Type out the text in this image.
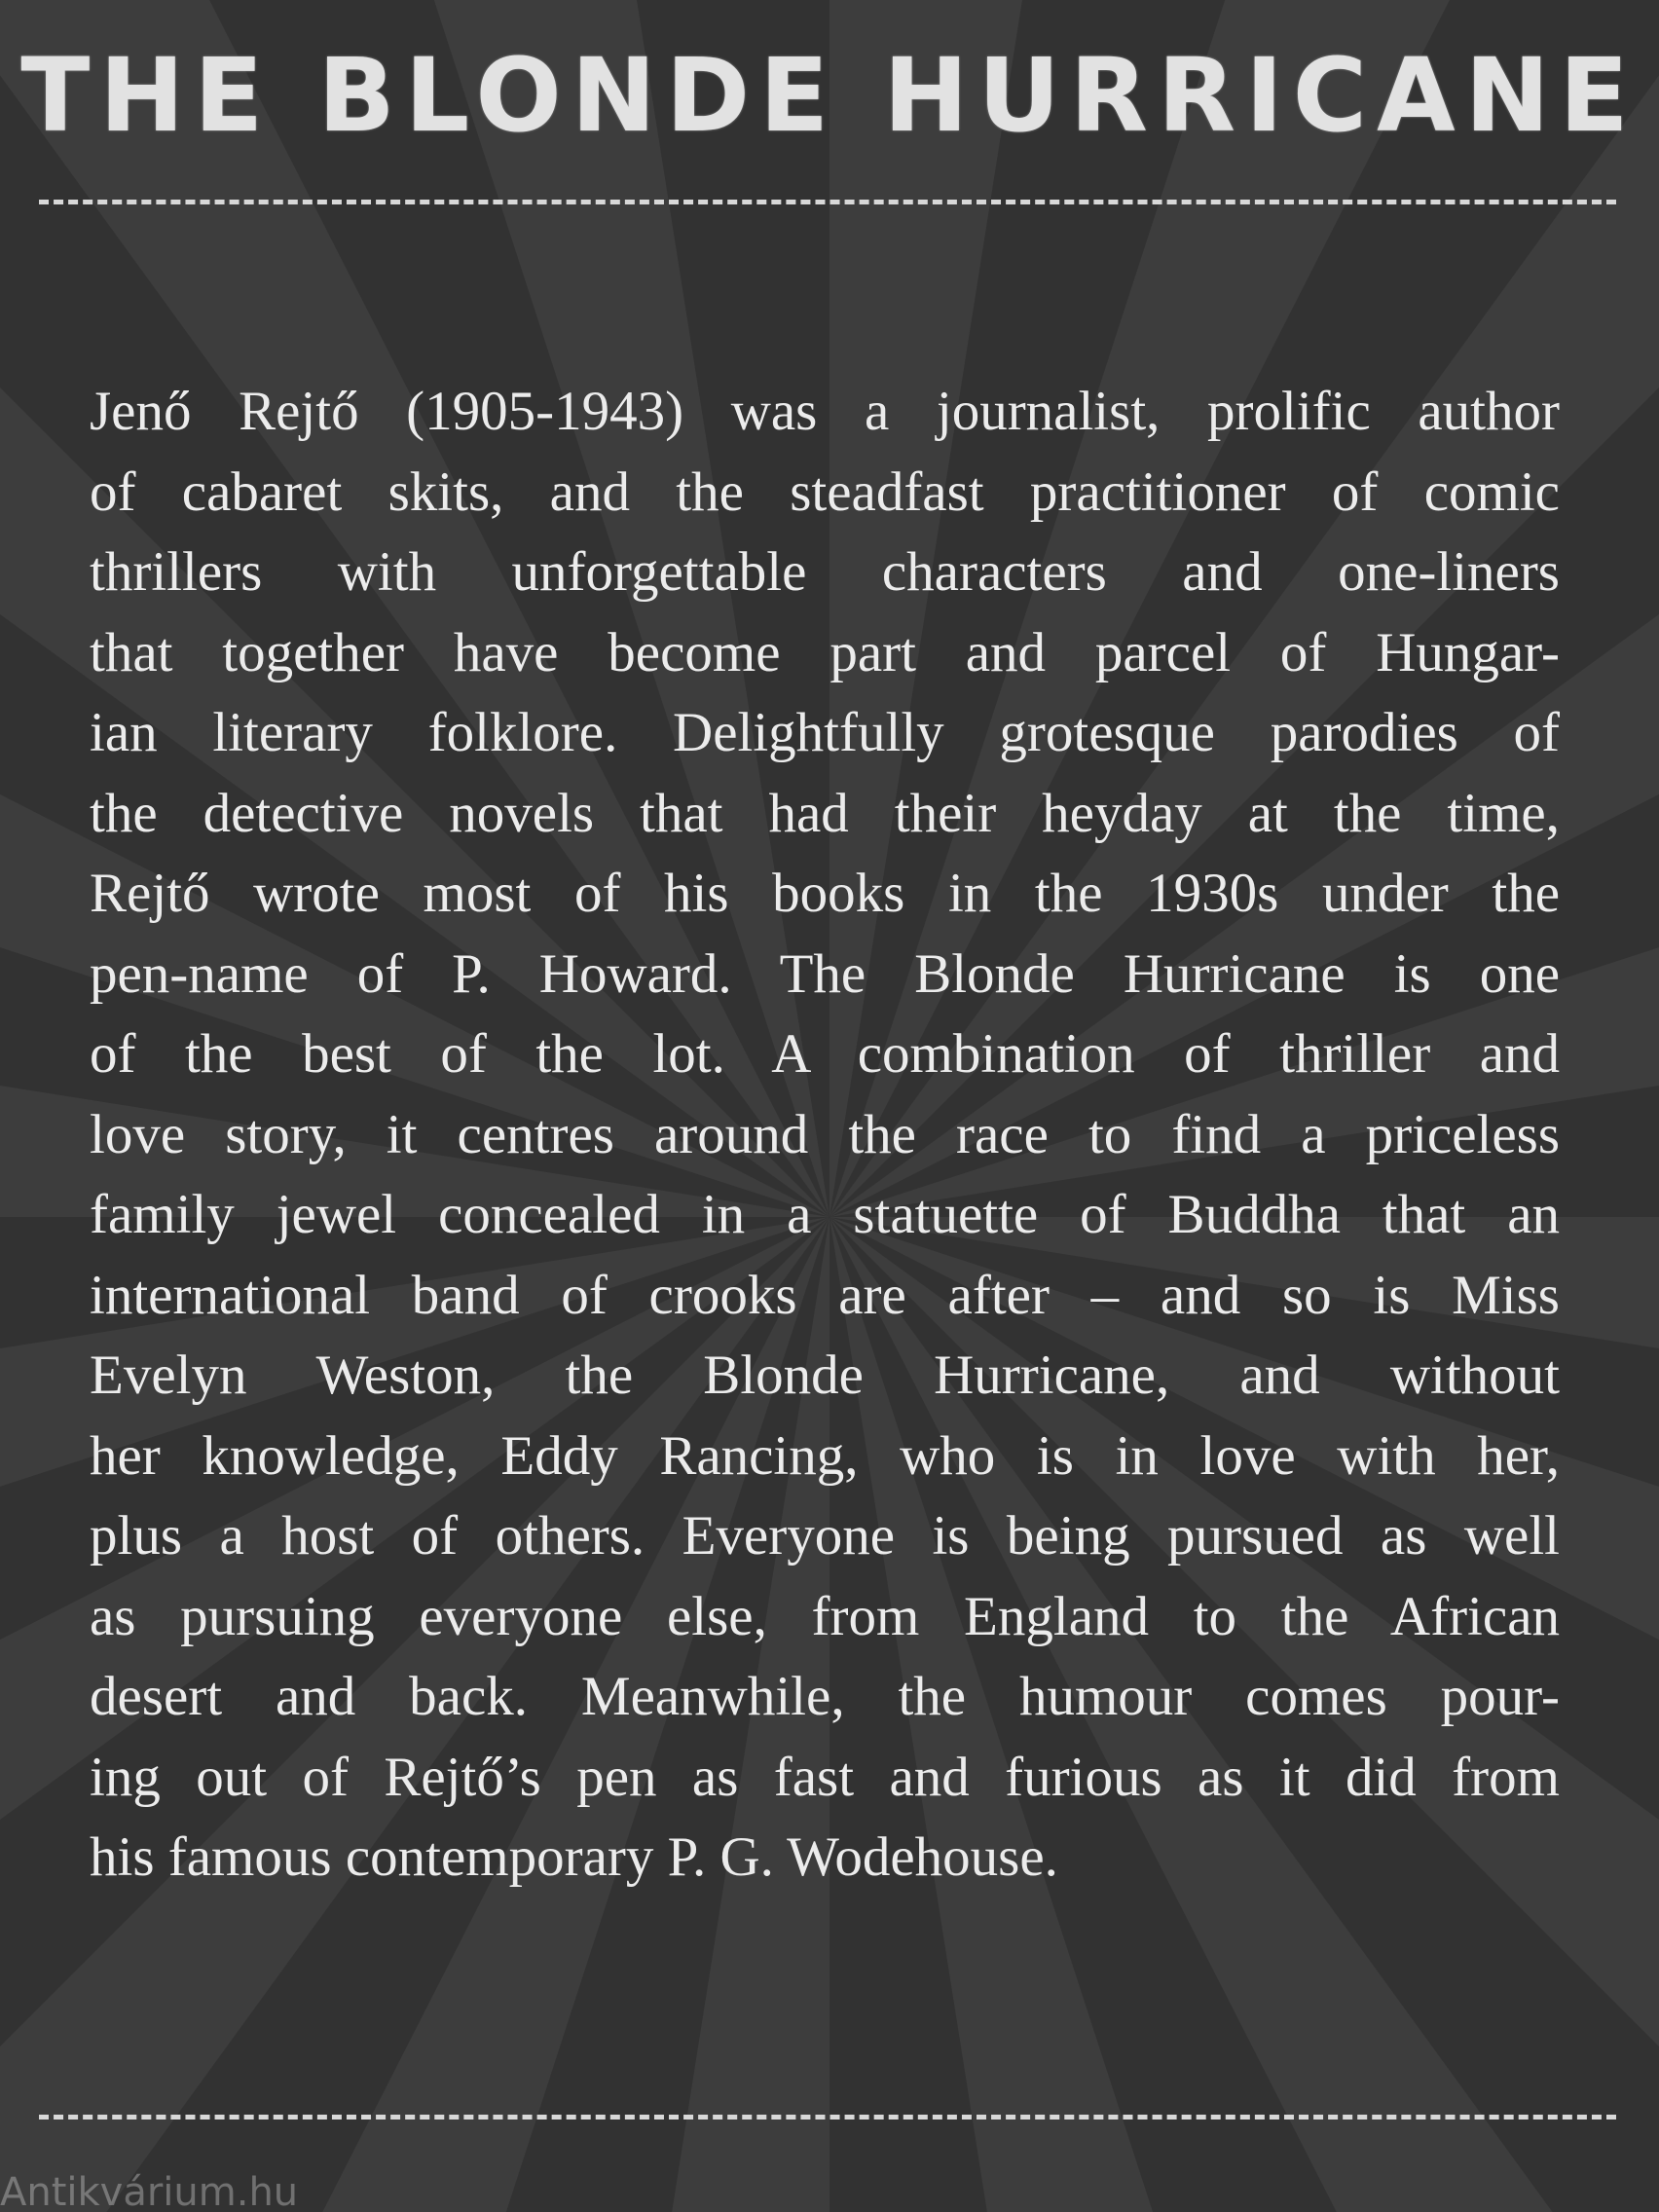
THE BLONDE HURRICANE
Jenő Rejtő (1905-1943) was a journalist, prolific author
of cabaret skits, and the steadfast practitioner of comic
thrillers with unforgettable characters and one-liners
that together have become part and parcel of Hungar-
ian literary folklore. Delightfully grotesque parodies of
the detective novels that had their heyday at the time,
Rejtő wrote most of his books in the 1930s under the
pen-name of P. Howard. The Blonde Hurricane is one
of the best of the lot. A combination of thriller and
love story, it centres around the race to find a priceless
family jewel concealed in a statuette of Buddha that an
international band of crooks are after – and so is Miss
Evelyn Weston, the Blonde Hurricane, and without
her knowledge, Eddy Rancing, who is in love with her,
plus a host of others. Everyone is being pursued as well
as pursuing everyone else, from England to the African
desert and back. Meanwhile, the humour comes pour-
ing out of Rejtő’s pen as fast and furious as it did from
his famous contemporary P. G. Wodehouse.
Antikvárium.hu
